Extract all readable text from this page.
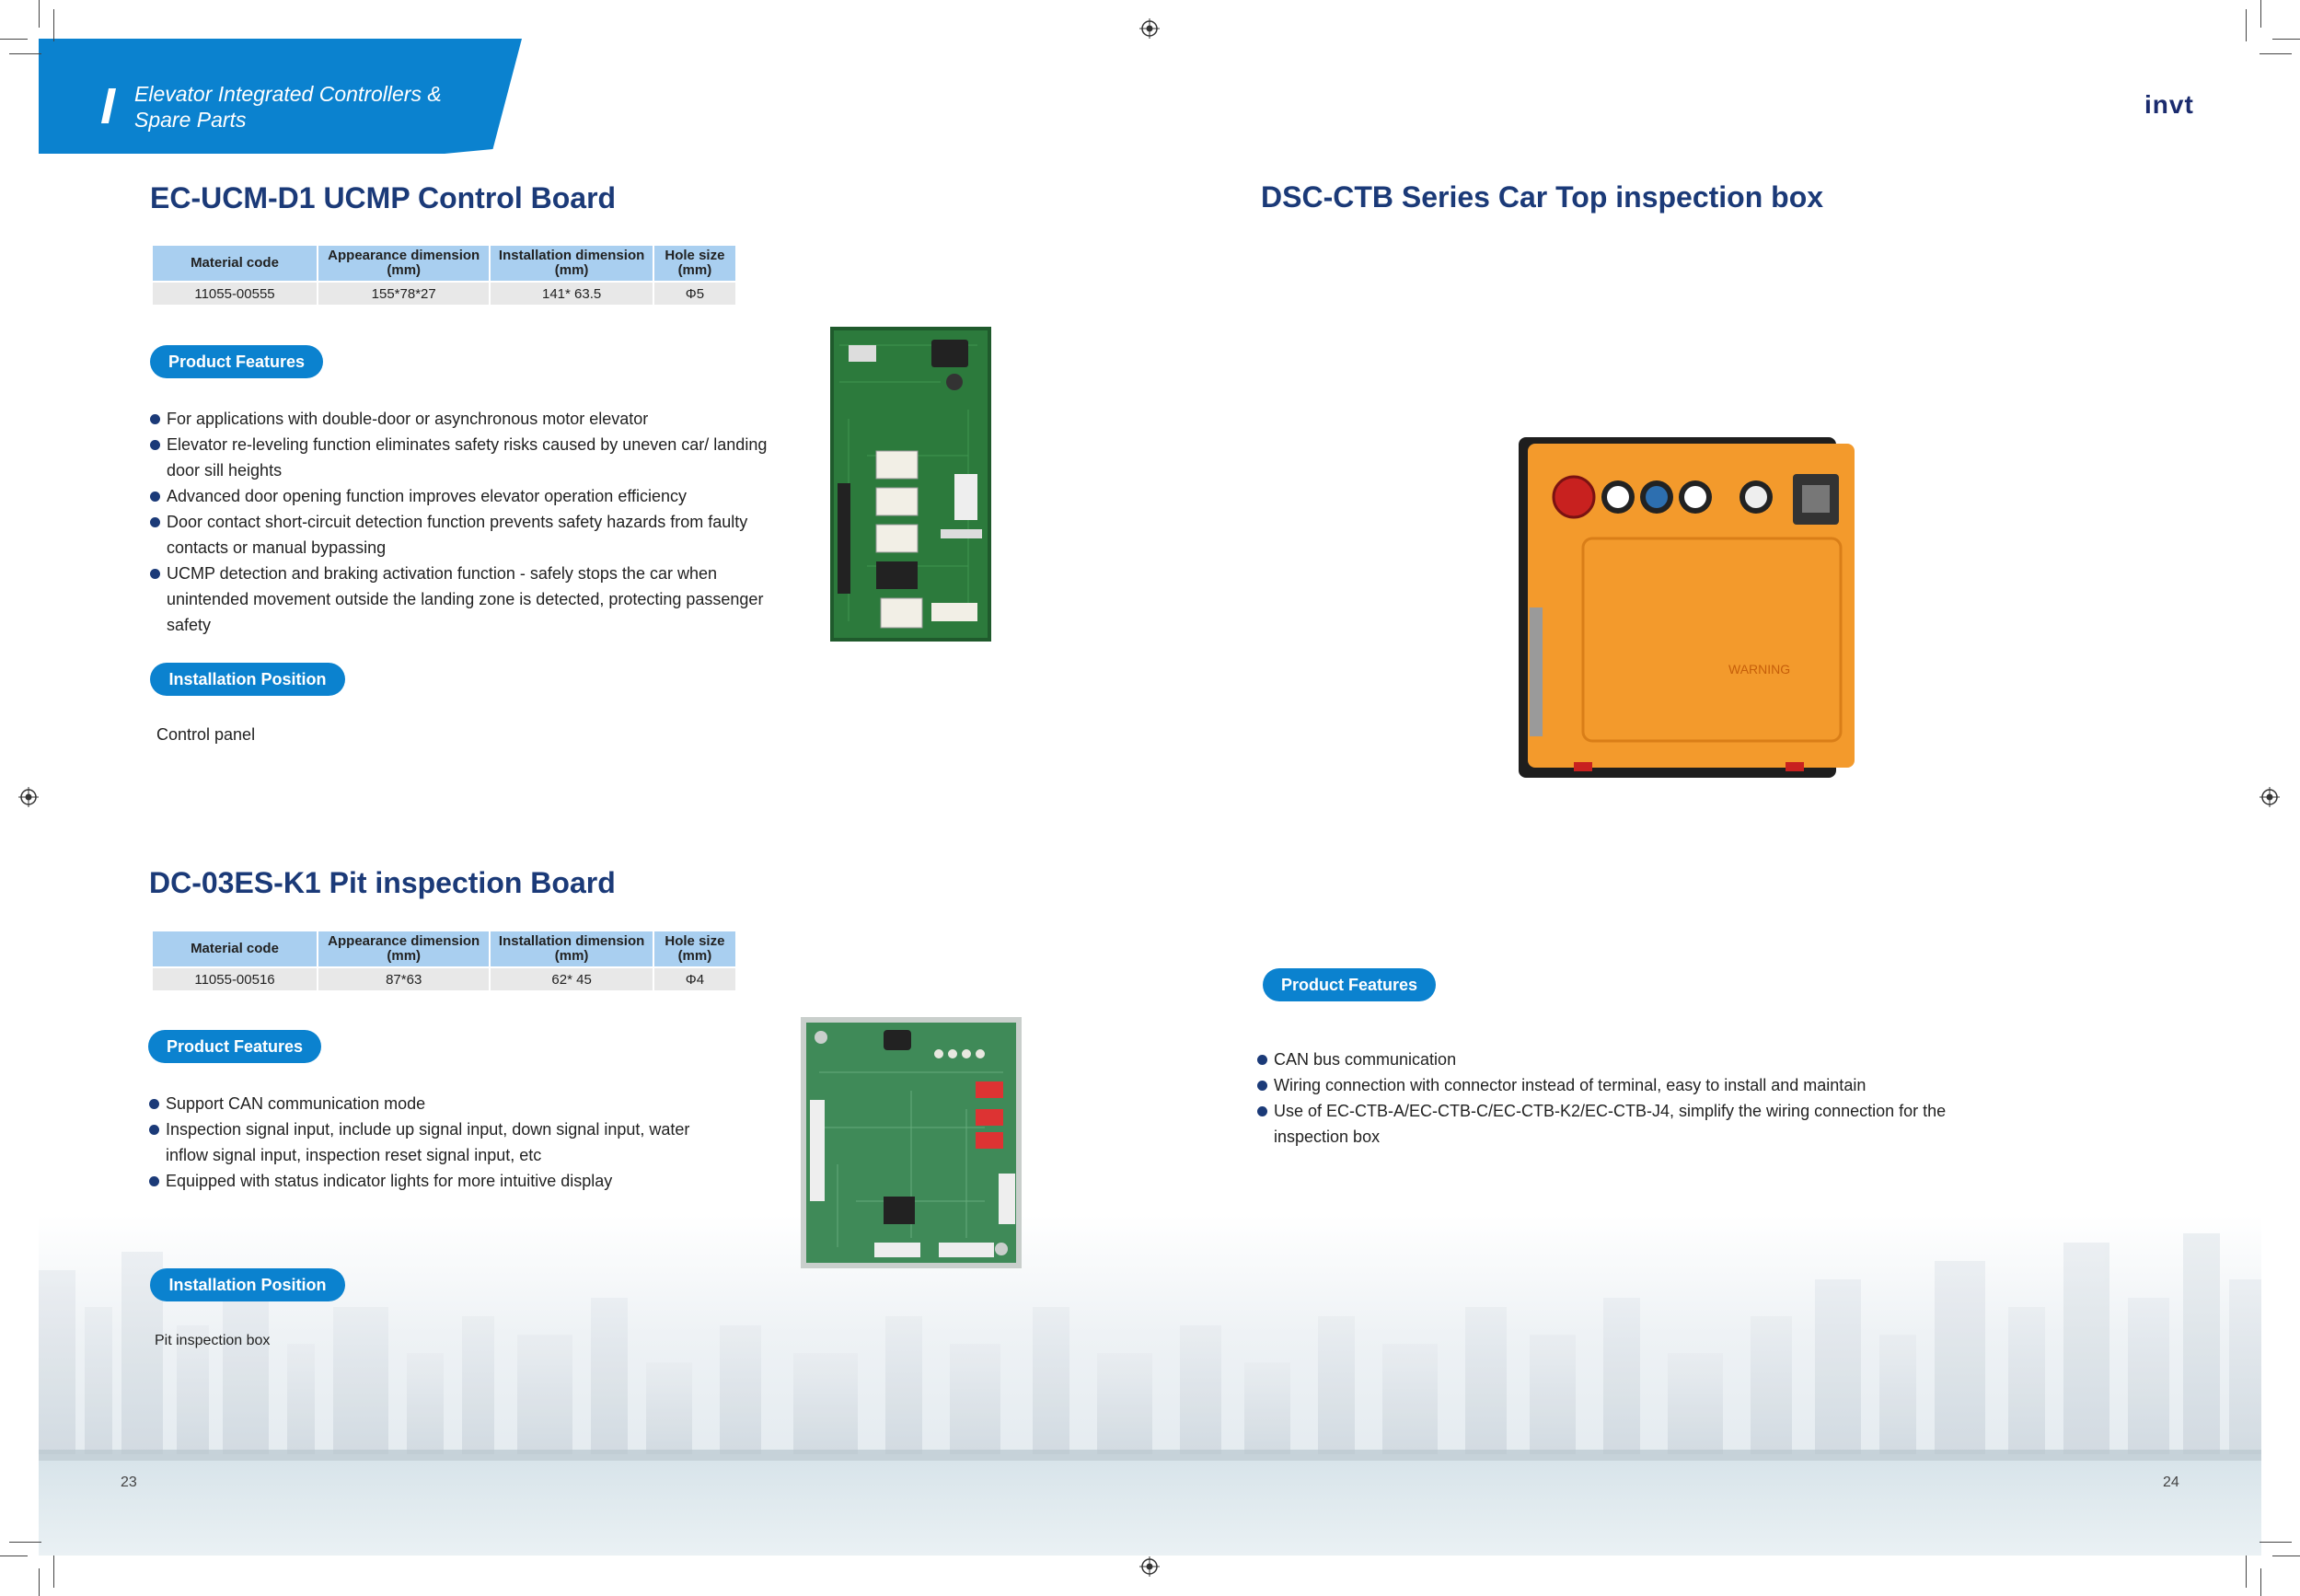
Elevator Integrated Controllers &
Spare Parts
invt
EC-UCM-D1 UCMP Control Board
Material code	Appearance dimension (mm)	Installation dimension (mm)	Hole size (mm)
11055-00555	155*78*27	141* 63.5	Φ5
Product Features
For applications with double-door or asynchronous motor elevator
Elevator re-leveling function eliminates safety risks caused by uneven car/ landing door sill heights
Advanced door opening function improves elevator operation efficiency
Door contact short-circuit detection function prevents safety hazards from faulty contacts or manual bypassing
UCMP detection and braking activation function - safely stops the car when unintended movement outside the landing zone is detected, protecting passenger safety
Installation Position
Control panel
DC-03ES-K1 Pit inspection Board
Material code	Appearance dimension (mm)	Installation dimension (mm)	Hole size (mm)
11055-00516	87*63	62* 45	Φ4
Product Features
Support CAN communication mode
Inspection signal input, include up signal input, down signal input, water inflow signal input, inspection reset signal input, etc
Equipped with status indicator lights for more intuitive display
Installation Position
Pit inspection box
DSC-CTB Series Car Top inspection box
WARNING
Product Features
CAN bus communication
Wiring connection with connector instead of terminal, easy to install and maintain
Use of EC-CTB-A/EC-CTB-C/EC-CTB-K2/EC-CTB-J4, simplify the wiring connection for the inspection box
23	24
